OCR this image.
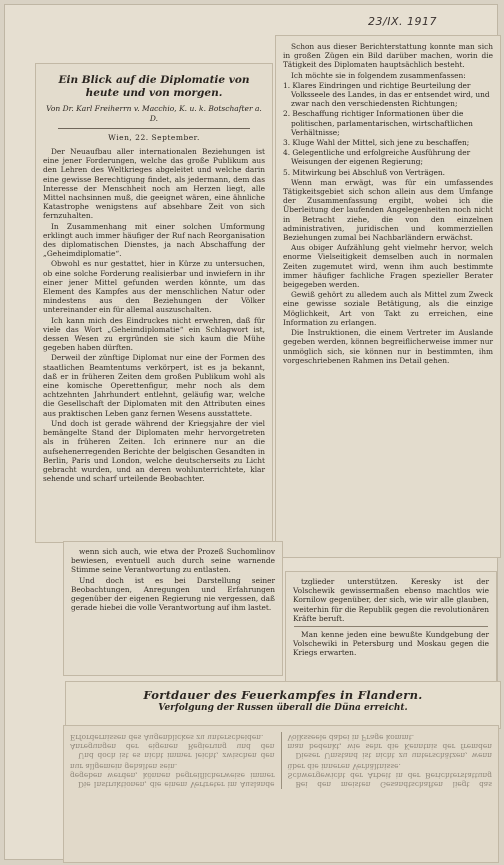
23/IX. 1917
Ein Blick auf die Diplomatie von heute und von morgen.
Von Dr. Karl Freiherrn v. Macchio, K. u. k. Botschafter a. D.
Wien, 22. September.

Der Neuaufbau aller internationalen Beziehungen ist eine jener Forderungen, welche das große Publikum aus den Lehren des Weltkrieges abgeleitet und welche darin eine gewisse Berechtigung findet, als jedermann, dem das Interesse der Menschheit noch am Herzen liegt, alle Mittel nachsinnen muß, die geeignet wären, eine ähnliche Katastrophe wenigstens auf absehbare Zeit von sich fernzuhalten.

In Zusammenhang mit einer solchen Umformung erklingt auch immer häufiger der Ruf nach Reorganisation des diplomatischen Dienstes, ja nach Abschaffung der „Geheimdiplomatie“.

Obwohl es nur gestattet, hier in Kürze zu untersuchen, ob eine solche Forderung realisierbar und inwiefern in ihr einer jener Mittel gefunden werden könnte, um das Element des Kampfes aus der menschlichen Natur oder mindestens aus den Beziehungen der Völker untereinander ein für allemal auszuschalten.

Ich kann mich des Eindruckes nicht erwehren, daß für viele das Wort „Geheimdiplomatie“ ein Schlagwort ist, dessen Wesen zu ergründen sie sich kaum die Mühe gegeben haben dürften.

Derweil der zünftige Diplomat nur eine der Formen des staatlichen Beamtentums verkörpert, ist es ja bekannt, daß er in früheren Zeiten dem großen Publikum wohl als eine komische Operettenfigur, mehr noch als dem achtzehnten Jahrhundert entlehnt, geläufig war, welche die Gesellschaft der Diplomaten mit den Attributen eines aus praktischen Leben ganz fernen Wesens ausstattete.

Und doch ist gerade während der Kriegsjahre der viel bemängelte Stand der Diplomaten mehr hervorgetreten als in früheren Zeiten. Ich erinnere nur an die aufsehenerregenden Berichte der belgischen Gesandten in Berlin, Paris und London, welche deutscherseits zu Licht gebracht wurden, und an deren wohlunterrichtete, klar sehende und scharf urteilende Beobachter.

Schon aus dieser Berichterstattung konnte man sich in großen Zügen ein Bild darüber machen, worin die Tätigkeit des Diplomaten hauptsächlich besteht.

Ich möchte sie in folgendem zusammenfassen:

1. Klares Eindringen und richtige Beurteilung der Volksseele des Landes, in das er entsendet wird, und zwar nach den verschiedensten Richtungen;
2. Beschaffung richtiger Informationen über die politischen, parlamentarischen, wirtschaftlichen Verhältnisse;
3. Kluge Wahl der Mittel, sich jene zu beschaffen;
4. Gelegentliche und erfolgreiche Ausführung der Weisungen der eigenen Regierung;
5. Mitwirkung bei Abschluß von Verträgen.

Wenn man erwägt, was für ein umfassendes Tätigkeitsgebiet sich schon allein aus dem Umfange der Zusammenfassung ergibt, wobei ich die Überleitung der laufenden Angelegenheiten noch nicht in Betracht ziehe, die von den einzelnen administrativen, juridischen und kommerziellen Beziehungen zumal bei Nachbarländern erwächst.

Aus obiger Aufzählung geht vielmehr hervor, welch enorme Vielseitigkeit demselben auch in normalen Zeiten zugemutet wird, wenn ihm auch bestimmte immer häufiger fachliche Fragen spezieller Berater beigegeben werden.

Gewiß gehört zu alledem auch als Mittel zum Zweck eine gewisse soziale Betätigung, als die einzige Möglichkeit, Art von Takt zu erreichen, eine Information zu erlangen.

Die Instruktionen, die einem Vertreter im Auslande gegeben werden, können begreiflicherweise immer nur unmöglich sich, sie können nur in bestimmten, ihm vorgeschriebenen Rahmen ins Detail gehen.

wenn sich auch, wie etwa der Prozeß Suchomlinov bewiesen, eventuell auch durch seine warnende Stimme seine Verantwortung zu entlasten.

Und doch ist es bei Darstellung seiner Beobachtungen, Anregungen und Erfahrungen gegenüber der eigenen Regierung nie vergessen, daß gerade hiebei die volle Verantwortung auf ihm lastet.

tzglieder unterstützen. Keresky ist der Volschewik gewissermaßen ebenso machtlos wie Kornilow gegenüber, der sich, wie wir alle glauben, weiterhin für die Republik gegen die revolutionären Kräfte beruft.

Man kenne jeden eine bewußte Kundgebung der Volschewiki in Petersburg und Moskau gegen die Kriegs erwarten.

Fortdauer des Feuerkampfes in Flandern.
Verfolgung der Russen überall die Düna erreicht.

Die Instruktionen, die einem Vertreter im Auslande gegeben werden, können begreiflicherweise immer nur allgemein gehalten sein.

Und doch ist es nicht immer leicht, zwischen den Anregungen der eigenen Regierung und den Erfordernissen des Augenblickes zu unterscheiden.

Bei den meisten Gesandtschaften liegt das Schwergewicht der Arbeit in der Berichterstattung über die inneren Verhältnisse.

Dieser Umstand ist nicht zu unterschätzen, wenn man bedenkt, wie sehr die Kenntnis der fremden Volksseele dabei in Frage kommt.
